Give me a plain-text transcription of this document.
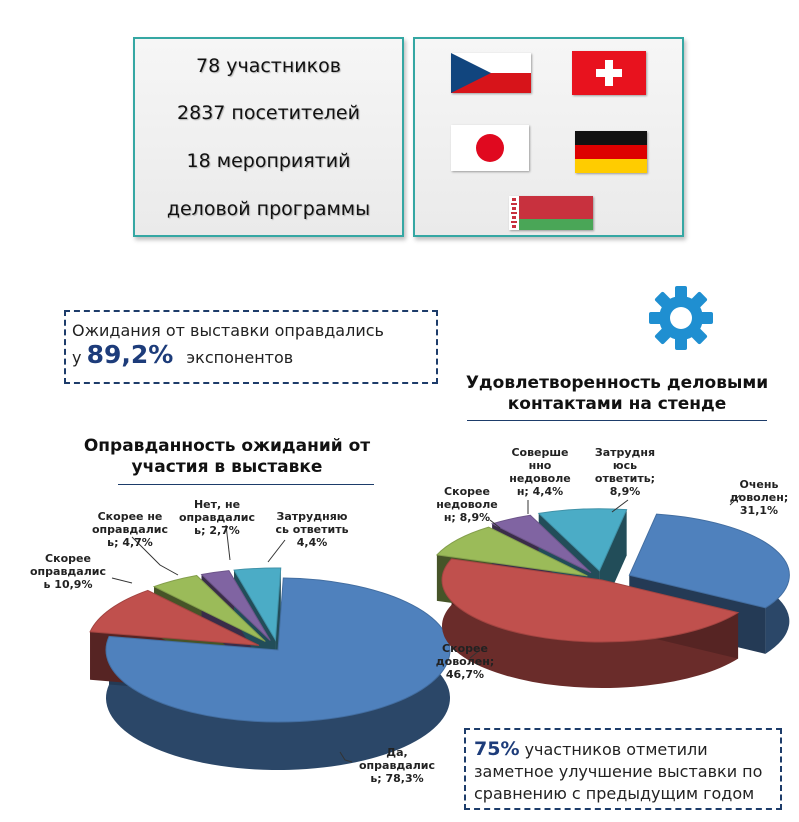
78 участников
2837 посетителей
18 мероприятий
деловой программы
Ожидания от выставки оправдались
у 89,2% экспонентов
Оправданность ожиданий от
участия в выставке
Удовлетворенность деловыми
контактами на стенде
Да,
оправдалис
ь; 78,3%
Скорее
оправдалис
ь 10,9%
Скорее не
оправдалис
ь; 4,7%
Нет, не
оправдалис
ь; 2,7%
Затрудняю
сь ответить
4,4%
Очень
доволен;
31,1%
Скорее
доволен;
46,7%
Скорее
недоволе
н; 8,9%
Соверше
нно
недоволе
н; 4,4%
Затрудня
юсь
ответить;
8,9%
75% участников отметили
заметное улучшение выставки по
сравнению с предыдущим годом
